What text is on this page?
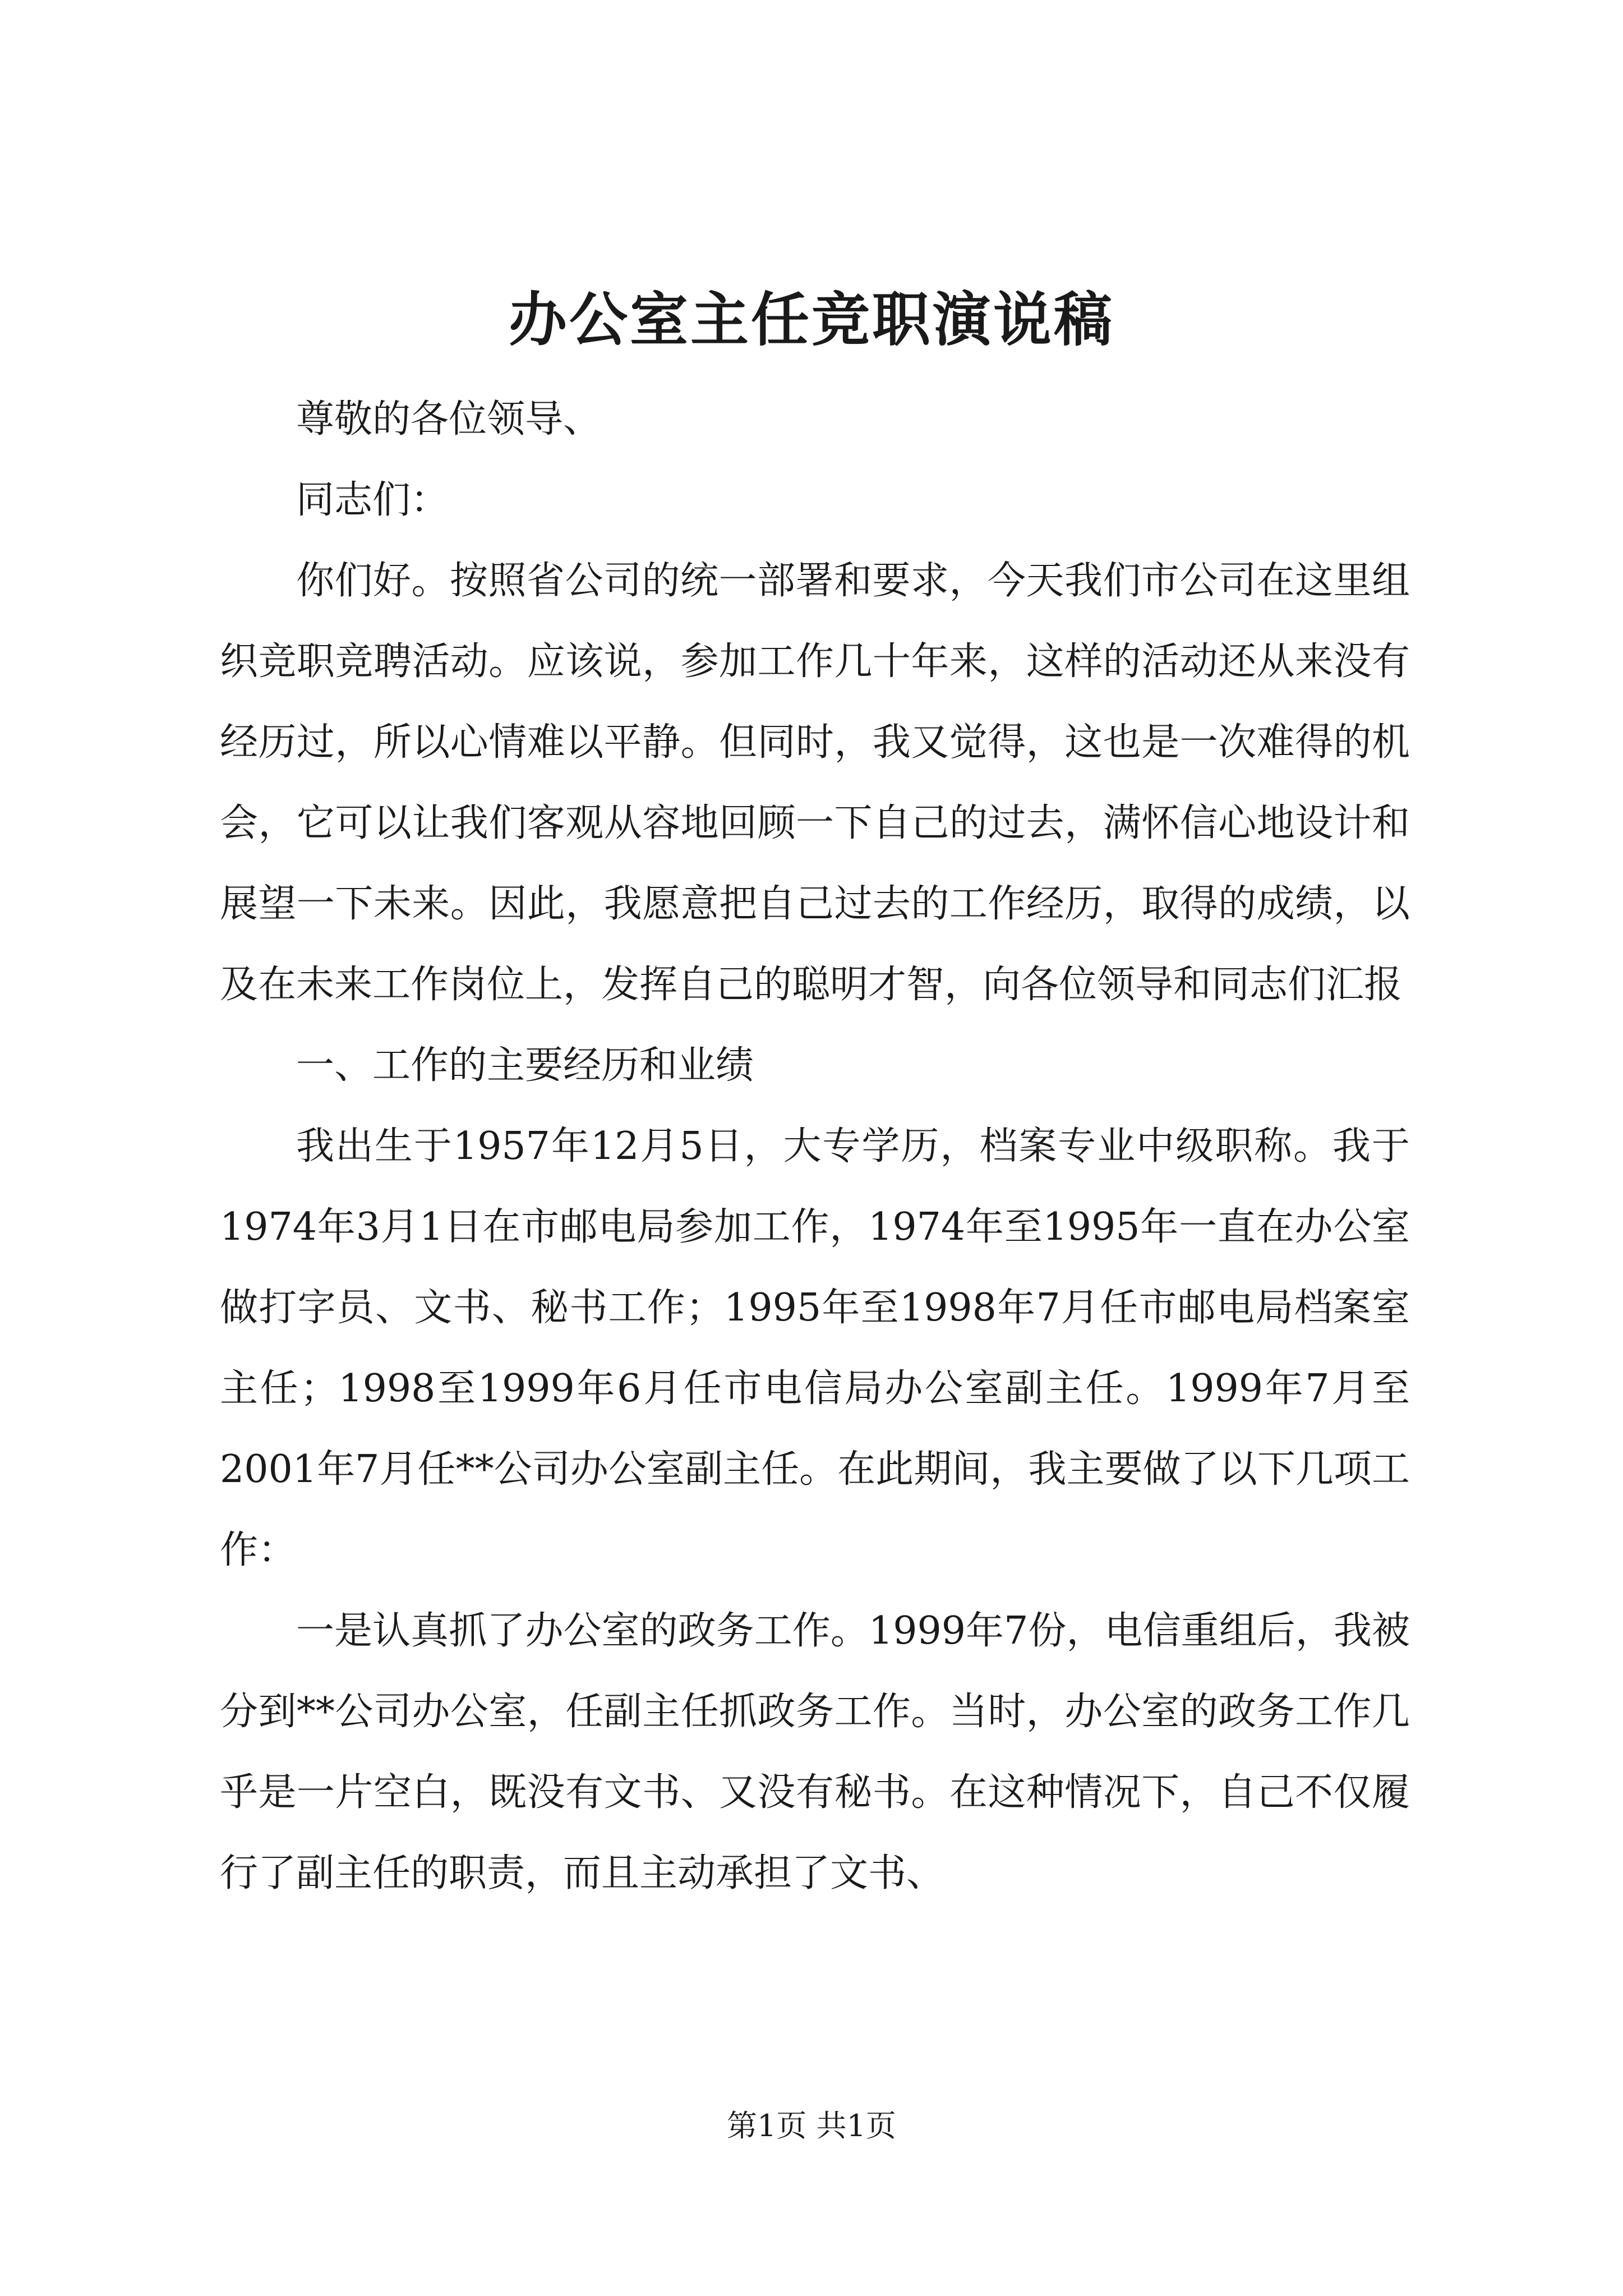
办公室主任竞职演说稿

尊敬的各位领导、

同志们：

你们好。按照省公司的统一部署和要求，今天我们市公司在这里组织竞职竞聘活动。应该说，参加工作几十年来，这样的活动还从来没有经历过，所以心情难以平静。但同时，我又觉得，这也是一次难得的机会，它可以让我们客观从容地回顾一下自己的过去，满怀信心地设计和展望一下未来。因此，我愿意把自己过去的工作经历，取得的成绩，以及在未来工作岗位上，发挥自己的聪明才智，向各位领导和同志们汇报

一、工作的主要经历和业绩

我出生于1957年12月5日，大专学历，档案专业中级职称。我于1974年3月1日在市邮电局参加工作，1974年至1995年一直在办公室做打字员、文书、秘书工作；1995年至1998年7月任市邮电局档案室主任；1998至1999年6月任市电信局办公室副主任。1999年7月至2001年7月任**公司办公室副主任。在此期间，我主要做了以下几项工作：

一是认真抓了办公室的政务工作。1999年7份，电信重组后，我被分到**公司办公室，任副主任抓政务工作。当时，办公室的政务工作几乎是一片空白，既没有文书、又没有秘书。在这种情况下，自己不仅履行了副主任的职责，而且主动承担了文书、

第1页 共1页
